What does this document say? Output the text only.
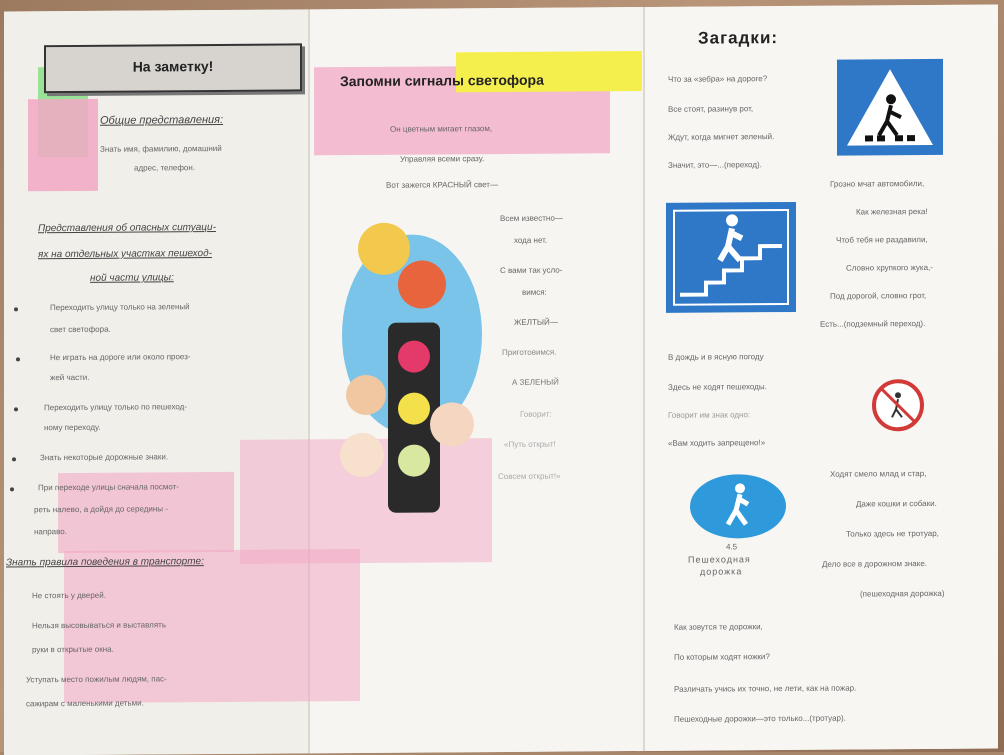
На заметку!
Общие представления:
Знать имя, фамилию, домашний
адрес, телефон.
Представления об опасных ситуаци-
ях на отдельных участках пешеход-
ной части улицы:
Переходить улицу только на зеленый
свет светофора.
Не играть на дороге или около проез-
жей части.
Переходить улицу только по пешеход-
ному переходу.
Знать некоторые дорожные знаки.
При переходе улицы сначала посмот-
реть налево, а дойдя до середины -
направо.
Знать правила поведения в транспорте:
Не стоять у дверей.
Нельзя высовываться и выставлять
руки в открытые окна.
Уступать место пожилым людям, пас-
сажирам с маленькими детьми.
Запомни сигналы светофора
Он цветным мигает глазом,
Управляя всеми сразу.
Вот зажегся КРАСНЫЙ свет—
Всем известно—
хода нет.
С вами так усло-
вимся:
ЖЕЛТЫЙ—
Приготовимся.
А ЗЕЛЕНЫЙ
Говорит:
«Путь открыт!
Совсем открыт!»
Загадки:
Что за «зебра» на дороге?
Все стоят, разинув рот,
Ждут, когда мигнет зеленый.
Значит, это—...(переход).
Грозно мчат автомобили,
Как железная река!
Чтоб тебя не раздавили,
Словно хрупкого жука,-
Под дорогой, словно грот,
Есть...(подземный переход).
В дождь и в ясную погоду
Здесь не ходят пешеходы.
Говорит им знак одно:
«Вам ходить запрещено!»
Ходят смело млад и стар,
Даже кошки и собаки.
Только здесь не тротуар,
Дело все в дорожном знаке.
(пешеходная дорожка)
4.5
Пешеходная
дорожка
Как зовутся те дорожки,
По которым ходят ножки?
Различать учись их точно, не лети, как на пожар.
Пешеходные дорожки—это только...(тротуар).
